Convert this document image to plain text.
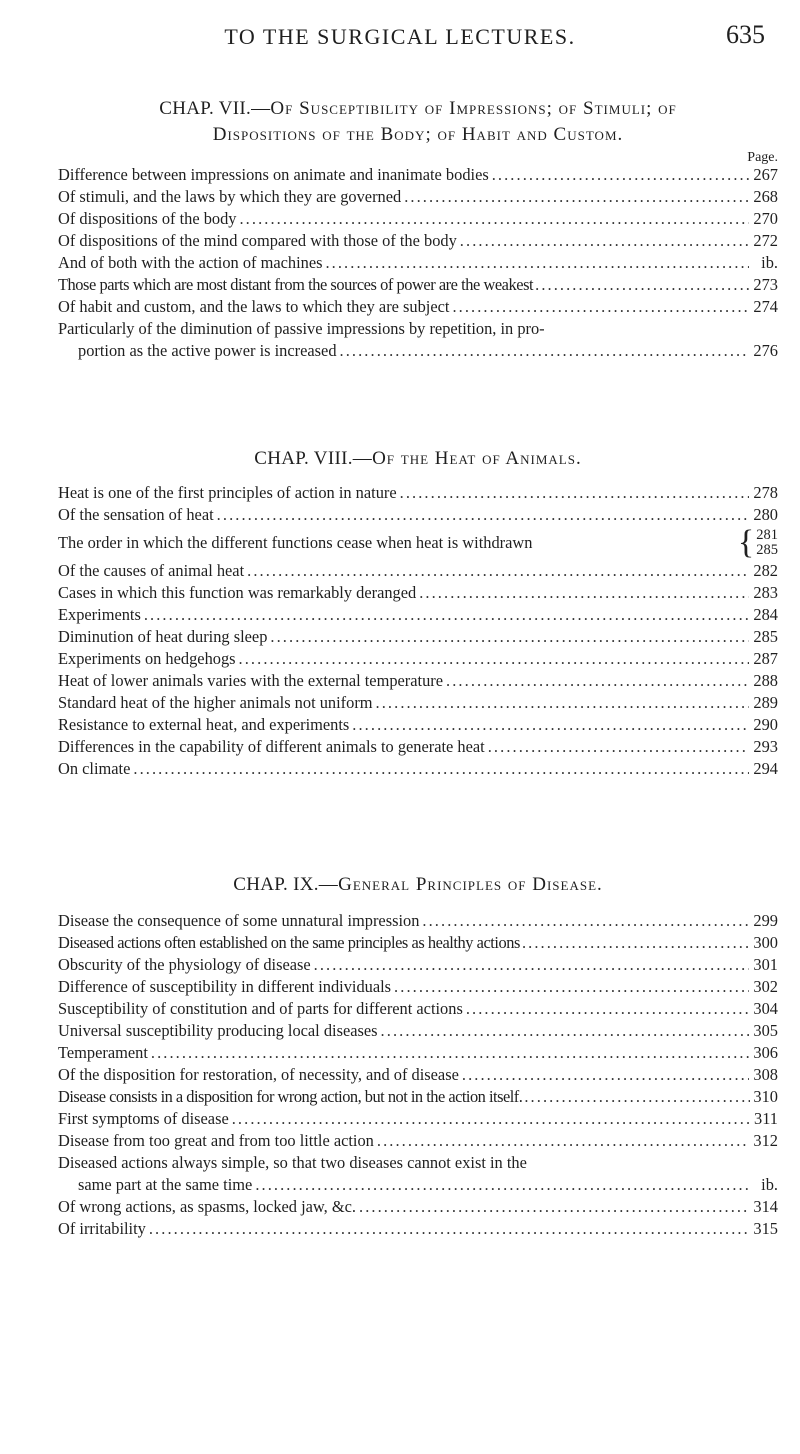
TO THE SURGICAL LECTURES.	635
CHAP. VII.—Of Susceptibility of Impressions; of Stimuli; of
Dispositions of the Body; of Habit and Custom.
Page.
Difference between impressions on animate and inanimate bodies . . .	267
Of stimuli, and the laws by which they are governed . . .	268
Of dispositions of the body . . .	270
Of dispositions of the mind compared with those of the body . . .	272
And of both with the action of machines . . .	ib.
Those parts which are most distant from the sources of power are the weakest . . .	273
Of habit and custom, and the laws to which they are subject . . .	274
Particularly of the diminution of passive impressions by repetition, in pro-
portion as the active power is increased . . .	276
CHAP. VIII.—Of the Heat of Animals.
Heat is one of the first principles of action in nature . . .	278
Of the sensation of heat . . .	280
The order in which the different functions cease when heat is withdrawn	{ 281
285
Of the causes of animal heat . . .	282
Cases in which this function was remarkably deranged . . .	283
Experiments . . .	284
Diminution of heat during sleep . . .	285
Experiments on hedgehogs . . .	287
Heat of lower animals varies with the external temperature . . .	288
Standard heat of the higher animals not uniform . . .	289
Resistance to external heat, and experiments . . .	290
Differences in the capability of different animals to generate heat . . .	293
On climate . . .	294
CHAP. IX.—General Principles of Disease.
Disease the consequence of some unnatural impression . . .	299
Diseased actions often established on the same principles as healthy actions . . .	300
Obscurity of the physiology of disease . . .	301
Difference of susceptibility in different individuals . . .	302
Susceptibility of constitution and of parts for different actions . . .	304
Universal susceptibility producing local diseases . . .	305
Temperament . . .	306
Of the disposition for restoration, of necessity, and of disease . . .	308
Disease consists in a disposition for wrong action, but not in the action itself. . . .	310
First symptoms of disease . . .	311
Disease from too great and from too little action . . .	312
Diseased actions always simple, so that two diseases cannot exist in the
same part at the same time . . .	ib.
Of wrong actions, as spasms, locked jaw, &c. . . .	314
Of irritability . . .	315
